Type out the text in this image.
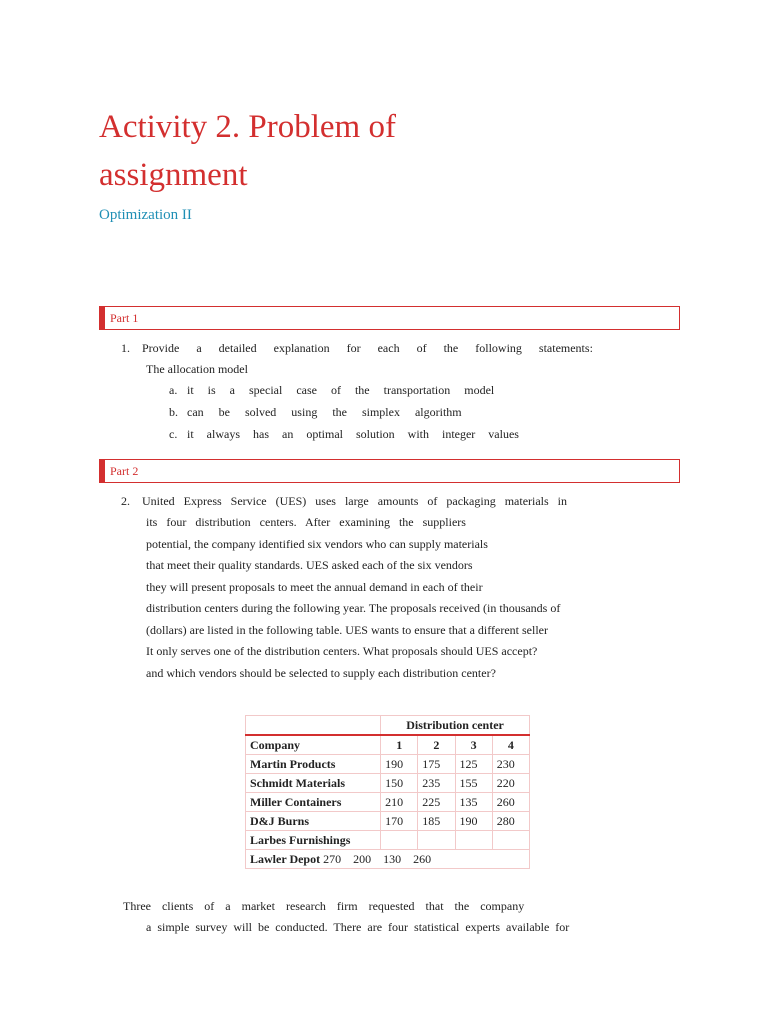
Activity 2. Problem of
assignment
Optimization II
Part 1
1. Provide a detailed explanation for each of the following statements:
The allocation model
a. it is a special case of the transportation model
b. can be solved using the simplex algorithm
c. it always has an optimal solution with integer values
Part 2
2. United Express Service (UES) uses large amounts of packaging materials in
its four distribution centers. After examining the suppliers
potential, the company identified six vendors who can supply materials
that meet their quality standards. UES asked each of the six vendors
they will present proposals to meet the annual demand in each of their
distribution centers during the following year. The proposals received (in thousands of
(dollars) are listed in the following table. UES wants to ensure that a different seller
It only serves one of the distribution centers. What proposals should UES accept?
and which vendors should be selected to supply each distribution center?
	Distribution center			
Company	1	2	3	4
Martin Products	190	175	125	230
Schmidt Materials	150	235	155	220
Miller Containers	210	225	135	260
D&J Burns	170	185	190	280
Larbes Furnishings				
Lawler Depot 270    200    130    260				
Three clients of a market research firm requested that the company
a simple survey will be conducted. There are four statistical experts available for
